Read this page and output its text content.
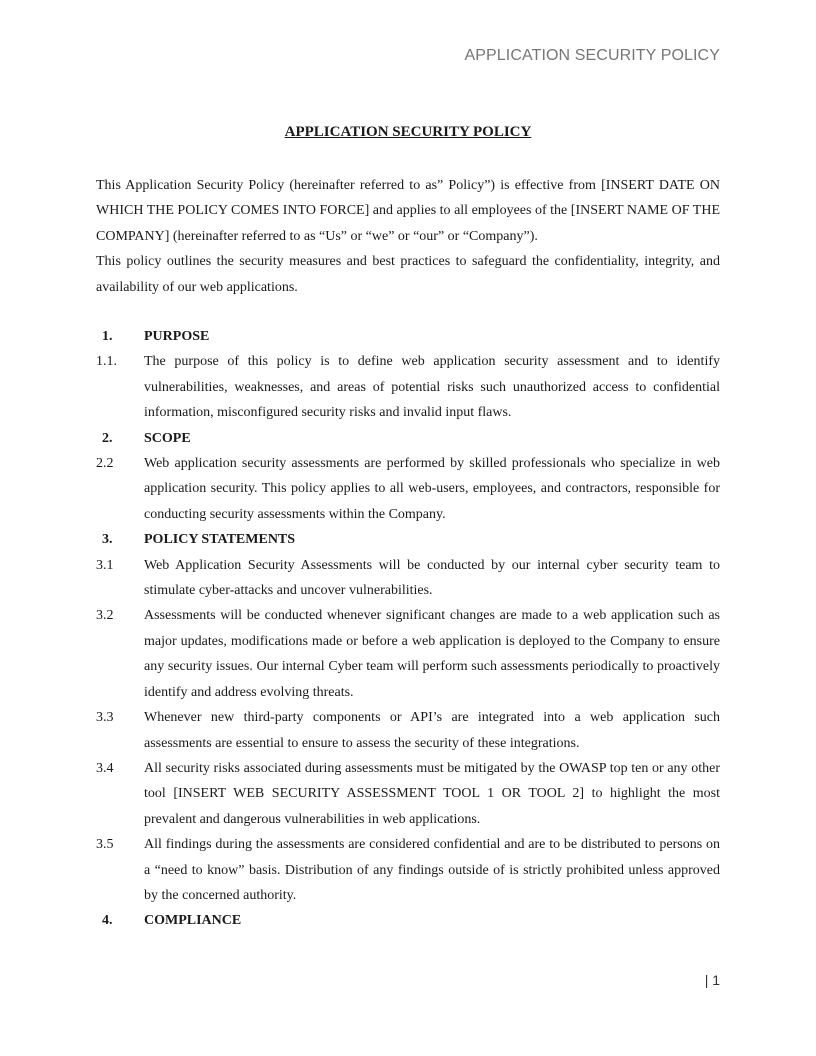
APPLICATION SECURITY POLICY
APPLICATION SECURITY POLICY

This Application Security Policy (hereinafter referred to as” Policy”) is effective from [INSERT DATE ON WHICH THE POLICY COMES INTO FORCE] and applies to all employees of the [INSERT NAME OF THE COMPANY] (hereinafter referred to as “Us” or “we” or “our” or “Company”).

This policy outlines the security measures and best practices to safeguard the confidentiality, integrity, and availability of our web applications.

1.	PURPOSE
1.1.	The purpose of this policy is to define web application security assessment and to identify vulnerabilities, weaknesses, and areas of potential risks such unauthorized access to confidential information, misconfigured security risks and invalid input flaws.
2.	SCOPE
2.2	Web application security assessments are performed by skilled professionals who specialize in web application security. This policy applies to all web-users, employees, and contractors, responsible for conducting security assessments within the Company.
3.	POLICY STATEMENTS
3.1	Web Application Security Assessments will be conducted by our internal cyber security team to stimulate cyber-attacks and uncover vulnerabilities.
3.2	Assessments will be conducted whenever significant changes are made to a web application such as major updates, modifications made or before a web application is deployed to the Company to ensure any security issues. Our internal Cyber team will perform such assessments periodically to proactively identify and address evolving threats.
3.3	Whenever new third-party components or API’s are integrated into a web application such assessments are essential to ensure to assess the security of these integrations.
3.4	All security risks associated during assessments must be mitigated by the OWASP top ten or any other tool [INSERT WEB SECURITY ASSESSMENT TOOL 1 OR TOOL 2] to highlight the most prevalent and dangerous vulnerabilities in web applications.
3.5	All findings during the assessments are considered confidential and are to be distributed to persons on a “need to know” basis. Distribution of any findings outside of is strictly prohibited unless approved by the concerned authority.
4.	COMPLIANCE
| 1
